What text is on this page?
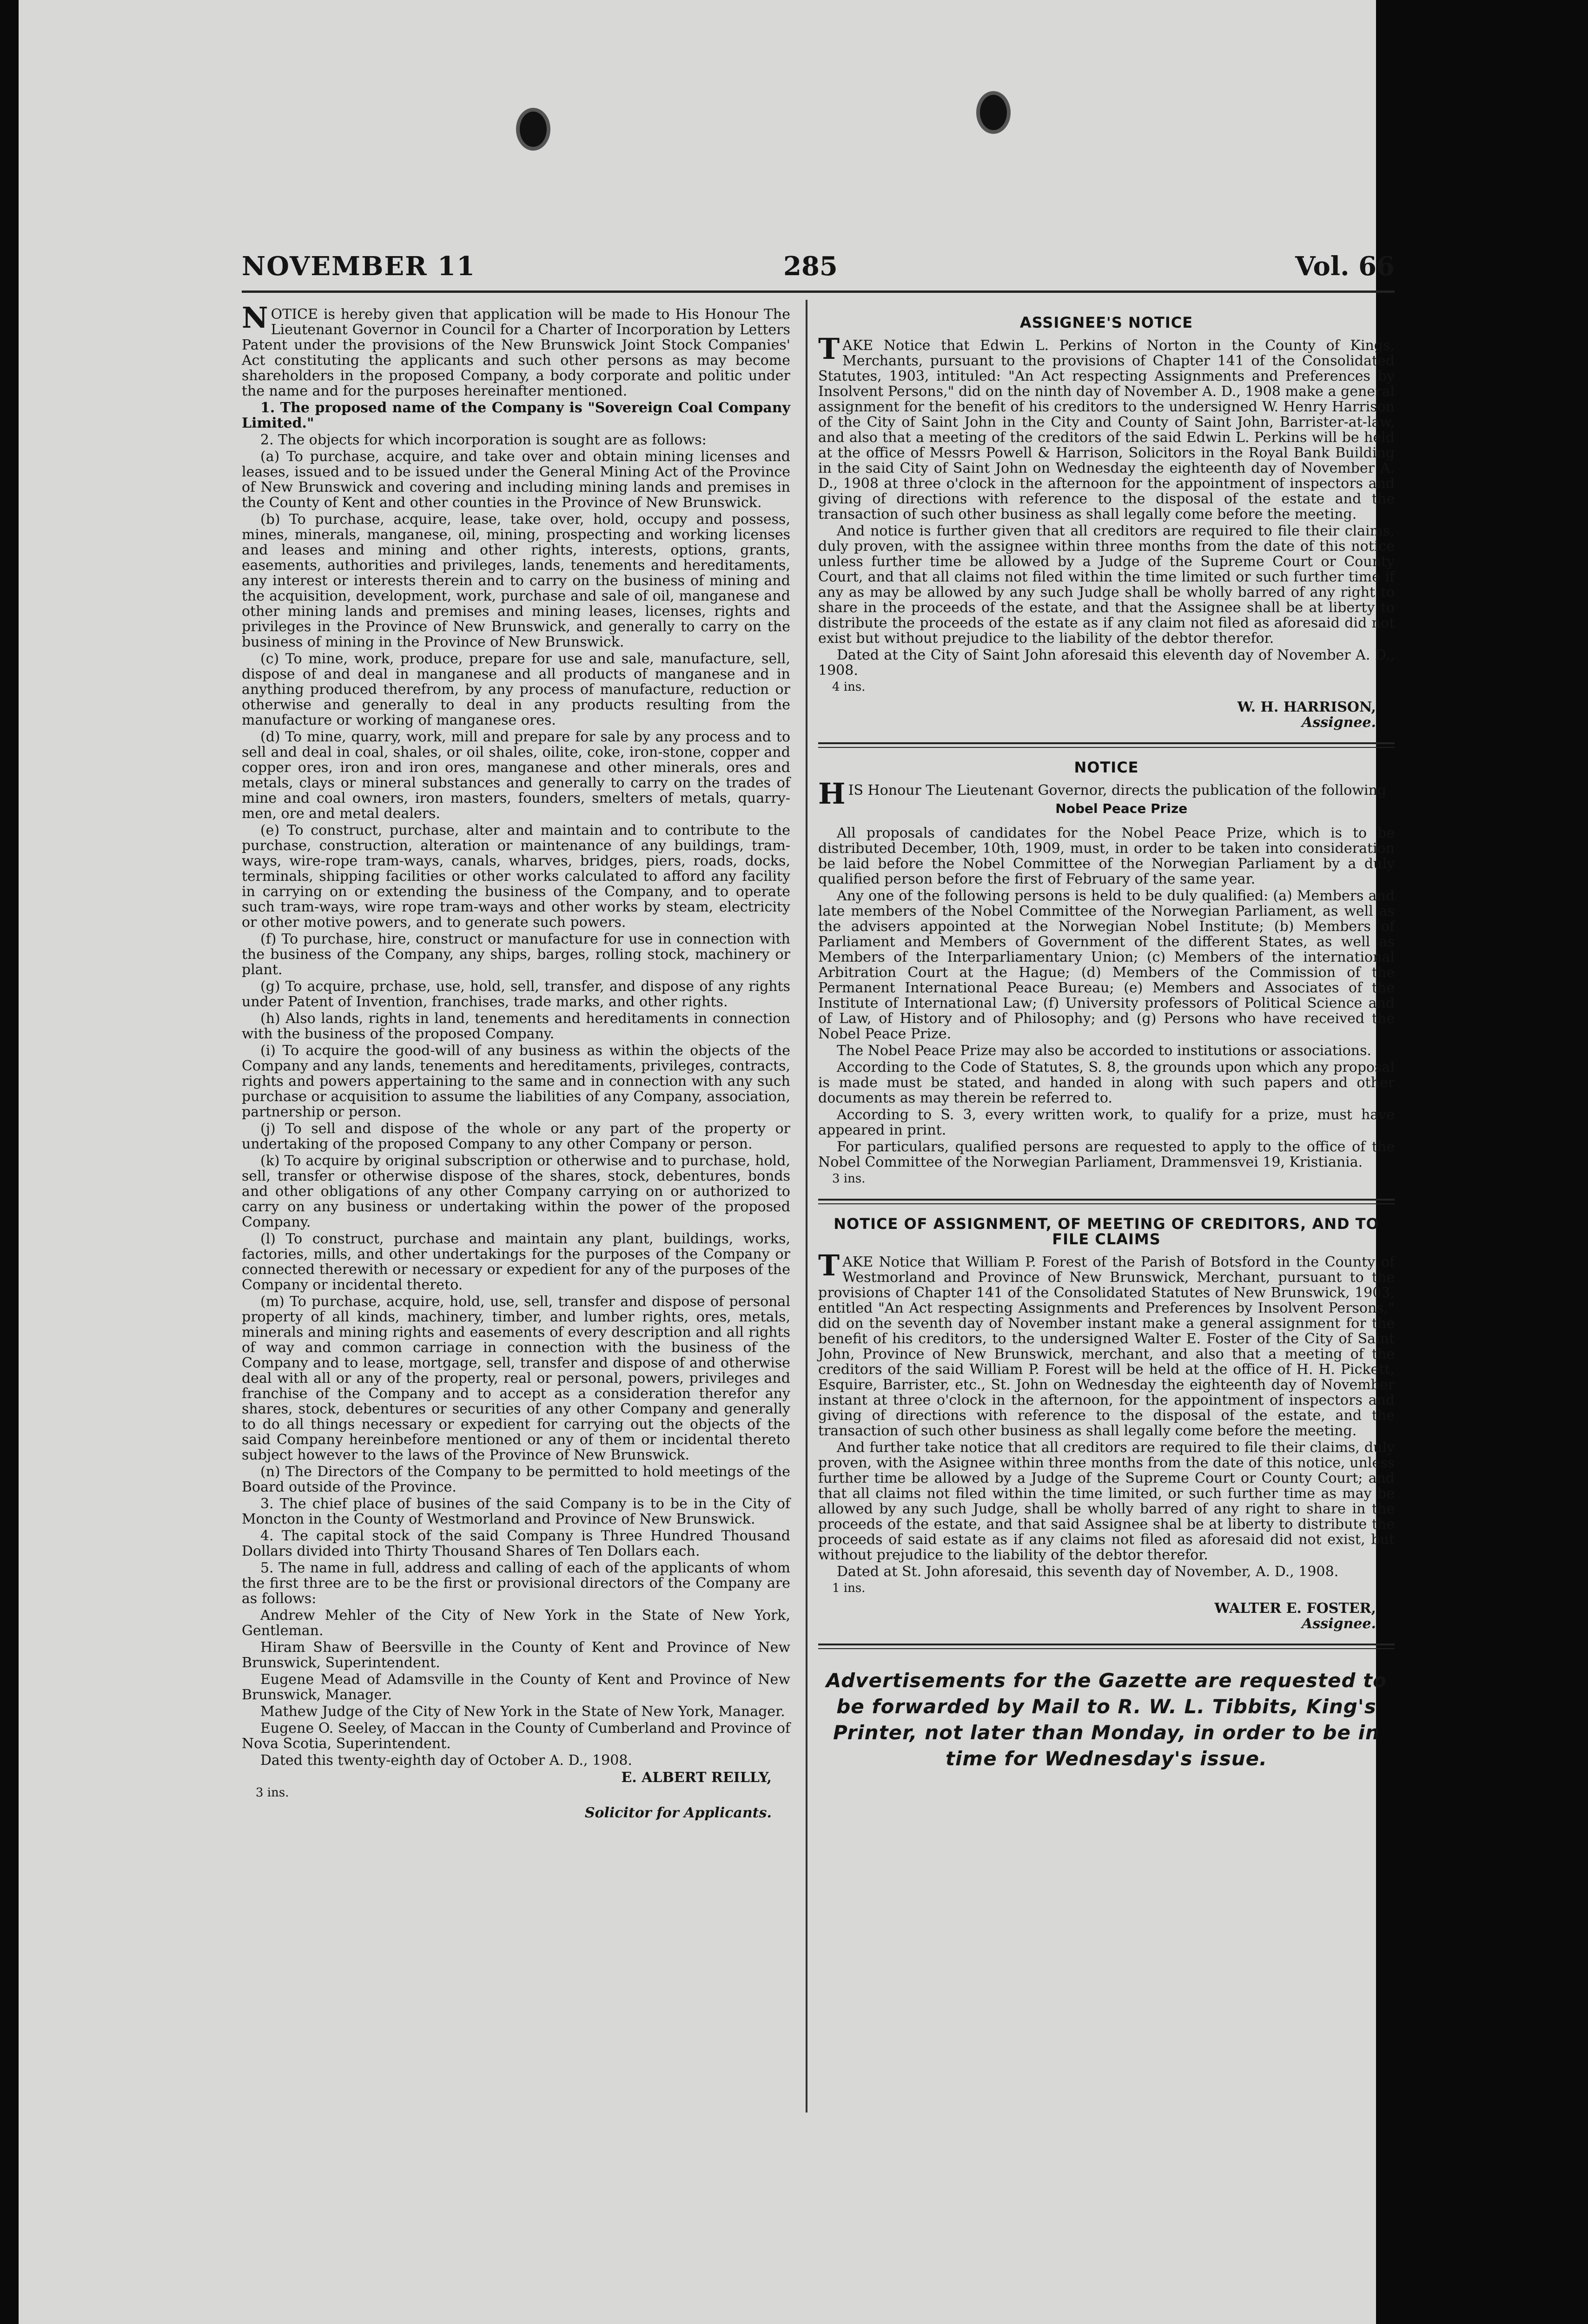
NOVEMBER 11	285	Vol. 66

NOTICE is hereby given that application will be made to His Honour The Lieutenant Governor in Council for a Charter of Incorporation by Letters Patent under the provisions of the New Brunswick Joint Stock Companies' Act constituting the applicants and such other persons as may become shareholders in the proposed Company, a body corporate and politic under the name and for the purposes hereinafter mentioned.

1. The proposed name of the Company is "Sovereign Coal Company Limited."

2. The objects for which incorporation is sought are as follows:

(a) To purchase, acquire, and take over and obtain mining licenses and leases, issued and to be issued under the General Mining Act of the Province of New Brunswick and covering and including mining lands and premises in the County of Kent and other counties in the Province of New Brunswick.

(b) To purchase, acquire, lease, take over, hold, occupy and possess, mines, minerals, manganese, oil, mining, prospecting and working licenses and leases and mining and other rights, interests, options, grants, easements, authorities and privileges, lands, tenements and hereditaments, any interest or interests therein and to carry on the business of mining and the acquisition, development, work, purchase and sale of oil, manganese and other mining lands and premises and mining leases, licenses, rights and privileges in the Province of New Brunswick, and generally to carry on the business of mining in the Province of New Brunswick.

(c) To mine, work, produce, prepare for use and sale, manufacture, sell, dispose of and deal in manganese and all products of manganese and in anything produced therefrom, by any process of manufacture, reduction or otherwise and generally to deal in any products resulting from the manufacture or working of manganese ores.

(d) To mine, quarry, work, mill and prepare for sale by any process and to sell and deal in coal, shales, or oil shales, oilite, coke, iron-stone, copper and copper ores, iron and iron ores, manganese and other minerals, ores and metals, clays or mineral substances and generally to carry on the trades of mine and coal owners, iron masters, founders, smelters of metals, quarry-men, ore and metal dealers.

(e) To construct, purchase, alter and maintain and to contribute to the purchase, construction, alteration or maintenance of any buildings, tram-ways, wire-rope tram-ways, canals, wharves, bridges, piers, roads, docks, terminals, shipping facilities or other works calculated to afford any facility in carrying on or extending the business of the Company, and to operate such tram-ways, wire rope tram-ways and other works by steam, electricity or other motive powers, and to generate such powers.

(f) To purchase, hire, construct or manufacture for use in connection with the business of the Company, any ships, barges, rolling stock, machinery or plant.

(g) To acquire, prchase, use, hold, sell, transfer, and dispose of any rights under Patent of Invention, franchises, trade marks, and other rights.

(h) Also lands, rights in land, tenements and hereditaments in connection with the business of the proposed Company.

(i) To acquire the good-will of any business as within the objects of the Company and any lands, tenements and hereditaments, privileges, contracts, rights and powers appertaining to the same and in connection with any such purchase or acquisition to assume the liabilities of any Company, association, partnership or person.

(j) To sell and dispose of the whole or any part of the property or undertaking of the proposed Company to any other Company or person.

(k) To acquire by original subscription or otherwise and to purchase, hold, sell, transfer or otherwise dispose of the shares, stock, debentures, bonds and other obligations of any other Company carrying on or authorized to carry on any business or undertaking within the power of the proposed Company.

(l) To construct, purchase and maintain any plant, buildings, works, factories, mills, and other undertakings for the purposes of the Company or connected therewith or necessary or expedient for any of the purposes of the Company or incidental thereto.

(m) To purchase, acquire, hold, use, sell, transfer and dispose of personal property of all kinds, machinery, timber, and lumber rights, ores, metals, minerals and mining rights and easements of every description and all rights of way and common carriage in connection with the business of the Company and to lease, mortgage, sell, transfer and dispose of and otherwise deal with all or any of the property, real or personal, powers, privileges and franchise of the Company and to accept as a consideration therefor any shares, stock, debentures or securities of any other Company and generally to do all things necessary or expedient for carrying out the objects of the said Company hereinbefore mentioned or any of them or incidental thereto subject however to the laws of the Province of New Brunswick.

(n) The Directors of the Company to be permitted to hold meetings of the Board outside of the Province.

3. The chief place of busines of the said Company is to be in the City of Moncton in the County of Westmorland and Province of New Brunswick.

4. The capital stock of the said Company is Three Hundred Thousand Dollars divided into Thirty Thousand Shares of Ten Dollars each.

5. The name in full, address and calling of each of the applicants of whom the first three are to be the first or provisional directors of the Company are as follows:

Andrew Mehler of the City of New York in the State of New York, Gentleman.

Hiram Shaw of Beersville in the County of Kent and Province of New Brunswick, Superintendent.

Eugene Mead of Adamsville in the County of Kent and Province of New Brunswick, Manager.

Mathew Judge of the City of New York in the State of New York, Manager.

Eugene O. Seeley, of Maccan in the County of Cumberland and Province of Nova Scotia, Superintendent.

Dated this twenty-eighth day of October A. D., 1908.

E. ALBERT REILLY,
3 ins.
Solicitor for Applicants.
ASSIGNEE'S NOTICE

TAKE Notice that Edwin L. Perkins of Norton in the County of Kings, Merchants, pursuant to the provisions of Chapter 141 of the Consolidated Statutes, 1903, intituled: "An Act respecting Assignments and Preferences by Insolvent Persons," did on the ninth day of November A. D., 1908 make a general assignment for the benefit of his creditors to the undersigned W. Henry Harrison of the City of Saint John in the City and County of Saint John, Barrister-at-law, and also that a meeting of the creditors of the said Edwin L. Perkins will be held at the office of Messrs Powell & Harrison, Solicitors in the Royal Bank Building in the said City of Saint John on Wednesday the eighteenth day of November A. D., 1908 at three o'clock in the afternoon for the appointment of inspectors and giving of directions with reference to the disposal of the estate and the transaction of such other business as shall legally come before the meeting.

And notice is further given that all creditors are required to file their claims, duly proven, with the assignee within three months from the date of this notice unless further time be allowed by a Judge of the Supreme Court or County Court, and that all claims not filed within the time limited or such further time if any as may be allowed by any such Judge shall be wholly barred of any right to share in the proceeds of the estate, and that the Assignee shall be at liberty to distribute the proceeds of the estate as if any claim not filed as aforesaid did not exist but without prejudice to the liability of the debtor therefor.

Dated at the City of Saint John aforesaid this eleventh day of November A. D., 1908.

4 ins.
W. H. HARRISON,
Assignee.
NOTICE

HIS Honour The Lieutenant Governor, directs the publication of the following

Nobel Peace Prize

All proposals of candidates for the Nobel Peace Prize, which is to be distributed December, 10th, 1909, must, in order to be taken into consideration be laid before the Nobel Committee of the Norwegian Parliament by a duly qualified person before the first of February of the same year.

Any one of the following persons is held to be duly qualified: (a) Members and late members of the Nobel Committee of the Norwegian Parliament, as well as the advisers appointed at the Norwegian Nobel Institute; (b) Members of Parliament and Members of Government of the different States, as well as Members of the Interparliamentary Union; (c) Members of the international Arbitration Court at the Hague; (d) Members of the Commission of the Permanent International Peace Bureau; (e) Members and Associates of the Institute of International Law; (f) University professors of Political Science and of Law, of History and of Philosophy; and (g) Persons who have received the Nobel Peace Prize.

The Nobel Peace Prize may also be accorded to institutions or associations.

According to the Code of Statutes, S. 8, the grounds upon which any proposal is made must be stated, and handed in along with such papers and other documents as may therein be referred to.

According to S. 3, every written work, to qualify for a prize, must have appeared in print.

For particulars, qualified persons are requested to apply to the office of the Nobel Committee of the Norwegian Parliament, Drammensvei 19, Kristiania.

3 ins.
NOTICE OF ASSIGNMENT, OF MEETING OF CREDITORS, AND TO FILE CLAIMS

TAKE Notice that William P. Forest of the Parish of Botsford in the County of Westmorland and Province of New Brunswick, Merchant, pursuant to the provisions of Chapter 141 of the Consolidated Statutes of New Brunswick, 1903, entitled "An Act respecting Assignments and Preferences by Insolvent Persons," did on the seventh day of November instant make a general assignment for the benefit of his creditors, to the undersigned Walter E. Foster of the City of Saint John, Province of New Brunswick, merchant, and also that a meeting of the creditors of the said William P. Forest will be held at the office of H. H. Pickett, Esquire, Barrister, etc., St. John on Wednesday the eighteenth day of November instant at three o'clock in the afternoon, for the appointment of inspectors and giving of directions with reference to the disposal of the estate, and the transaction of such other business as shall legally come before the meeting.

And further take notice that all creditors are required to file their claims, duly proven, with the Asignee within three months from the date of this notice, unless further time be allowed by a Judge of the Supreme Court or County Court; and that all claims not filed within the time limited, or such further time as may be allowed by any such Judge, shall be wholly barred of any right to share in the proceeds of the estate, and that said Assignee shal be at liberty to distribute the proceeds of said estate as if any claims not filed as aforesaid did not exist, but without prejudice to the liability of the debtor therefor.

Dated at St. John aforesaid, this seventh day of November, A. D., 1908.

1 ins.
WALTER E. FOSTER,
Assignee.
Advertisements for the Gazette are requested to be forwarded by Mail to R. W. L. Tibbits, King's Printer, not later than Monday, in order to be in time for Wednesday's issue.
